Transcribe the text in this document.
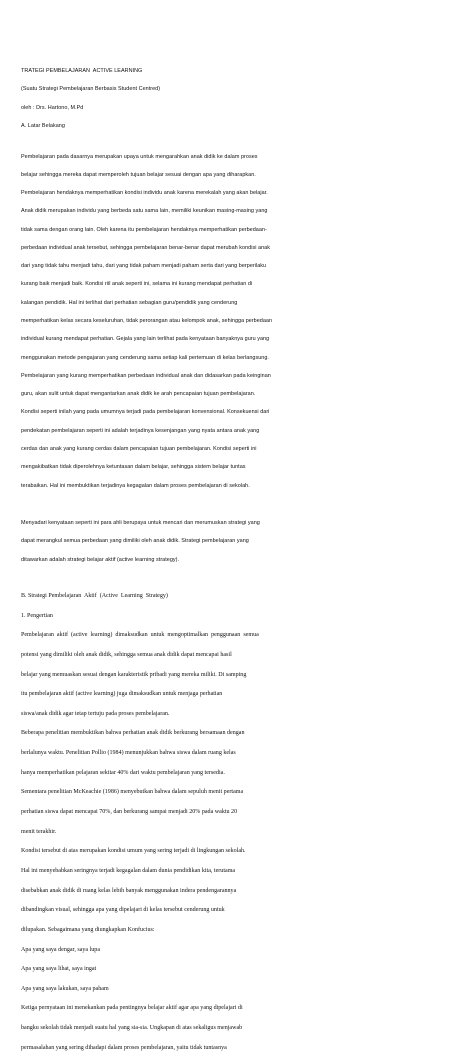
TRATEGI PEMBELAJARAN  ACTIVE LEARNING

(Suatu Strategi Pembelajaran Berbasis Student Centred)

oleh : Drs. Hartono, M.Pd

A. Latar Belakang

Pembelajaran pada dasarnya merupakan upaya untuk mengarahkan anak didik ke dalam proses

belajar sehingga mereka dapat memperoleh tujuan belajar sesuai dengan apa yang diharapkan.

Pembelajaran hendaknya memperhatikan kondisi individu anak karena merekalah yang akan belajar.

Anak didik merupakan individu yang berbeda satu sama lain, memiliki keunikan masing-masing yang

tidak sama dengan orang lain. Oleh karena itu pembelajaran hendaknya memperhatikan perbedaan-

perbedaan individual anak tersebut, sehingga pembelajaran benar-benar dapat merubah kondisi anak

dari yang tidak tahu menjadi tahu, dari yang tidak paham menjadi paham serta dari yang berperilaku

kurang baik menjadi baik. Kondisi riil anak seperti ini, selama ini kurang mendapat perhatian di

kalangan pendidik. Hal ini terlihat dari perhatian sebagian guru/pendidik yang cenderung

memperhatikan kelas secara keseluruhan, tidak perorangan atau kelompok anak, sehingga perbedaan

individual kurang mendapat perhatian. Gejala yang lain terlihat pada kenyataan banyaknya guru yang

menggunakan metode pengajaran yang cenderung sama setiap kali pertemuan di kelas berlangsung.

Pembelajaran yang kurang memperhatikan perbedaan individual anak dan didasarkan pada keinginan

guru, akan sulit untuk dapat mengantarkan anak didik ke arah pencapaian tujuan pembelajaran.

Kondisi seperti inilah yang pada umumnya terjadi pada pembelajaran konvensional. Konsekuensi dari

pendekatan pembelajaran seperti ini adalah terjadinya kesenjangan yang nyata antara anak yang

cerdas dan anak yang kurang cerdas dalam pencapaian tujuan pembelajaran. Kondisi seperti ini

mengakibatkan tidak diperolehnya ketuntasan dalam belajar, sehingga sistem belajar tuntas

terabaikan. Hal ini membuktikan terjadinya kegagalan dalam proses pembelajaran di sekolah.

Menyadari kenyataan seperti ini para ahli berupaya untuk mencari dan merumuskan strategi yang

dapat merangkul semua perbedaan yang dimiliki oleh anak didik. Strategi pembelajaran yang

ditawarkan adalah strategi belajar aktif (active learning strategy).

B. Strategi Pembelajaran  Aktif  (Active  Learning  Strategy)

1. Pengertian

Pembelajaran  aktif  (active  learning)  dimaksudkan  untuk  mengoptimalkan  penggunaan  semua

potensi yang dimiliki oleh anak didik, sehingga semua anak didik dapat mencapai hasil

belajar yang memuaskan sesuai dengan karakteristik pribadi yang mereka miliki. Di samping

itu pembelajaran aktif (active learning) juga dimaksudkan untuk menjaga perhatian

siswa/anak didik agar tetap tertuju pada proses pembelajaran.

Beberapa penelitian membuktikan bahwa perhatian anak didik berkurang bersamaan dengan

berlalunya waktu. Penelitian Pollio (1984) menunjukkan bahwa siswa dalam ruang kelas

hanya memperhatikan pelajaran sekitar 40% dari waktu pembelajaran yang tersedia.

Sementara penelitian McKeachie (1986) menyebutkan bahwa dalam sepuluh menit pertama

perhatian siswa dapat mencapai 70%, dan berkurang sampai menjadi 20% pada waktu 20

menit terakhir.

Kondisi tersebut di atas merupakan kondisi umum yang sering terjadi di lingkungan sekolah.

Hal ini menyebabkan seringnya terjadi kegagalan dalam dunia pendidikan kita, terutama

disebabkan anak didik di ruang kelas lebih banyak menggunakan indera pendengarannya

dibandingkan visual, sehingga apa yang dipelajari di kelas tersebut cenderung untuk

dilupakan. Sebagaimana yang diungkapkan Konfucius:

Apa yang saya dengar, saya lupa

Apa yang saya lihat, saya ingat

Apa yang saya lakukan, saya paham

Ketiga pernyataan ini menekankan pada pentingnya belajar aktif agar apa yang dipelajari di

bangku sekolah tidak menjadi suatu hal yang sia-sia. Ungkapan di atas sekaligus menjawab

permasalahan yang sering dihadapi dalam proses pembelajaran, yaitu tidak tuntasnya
